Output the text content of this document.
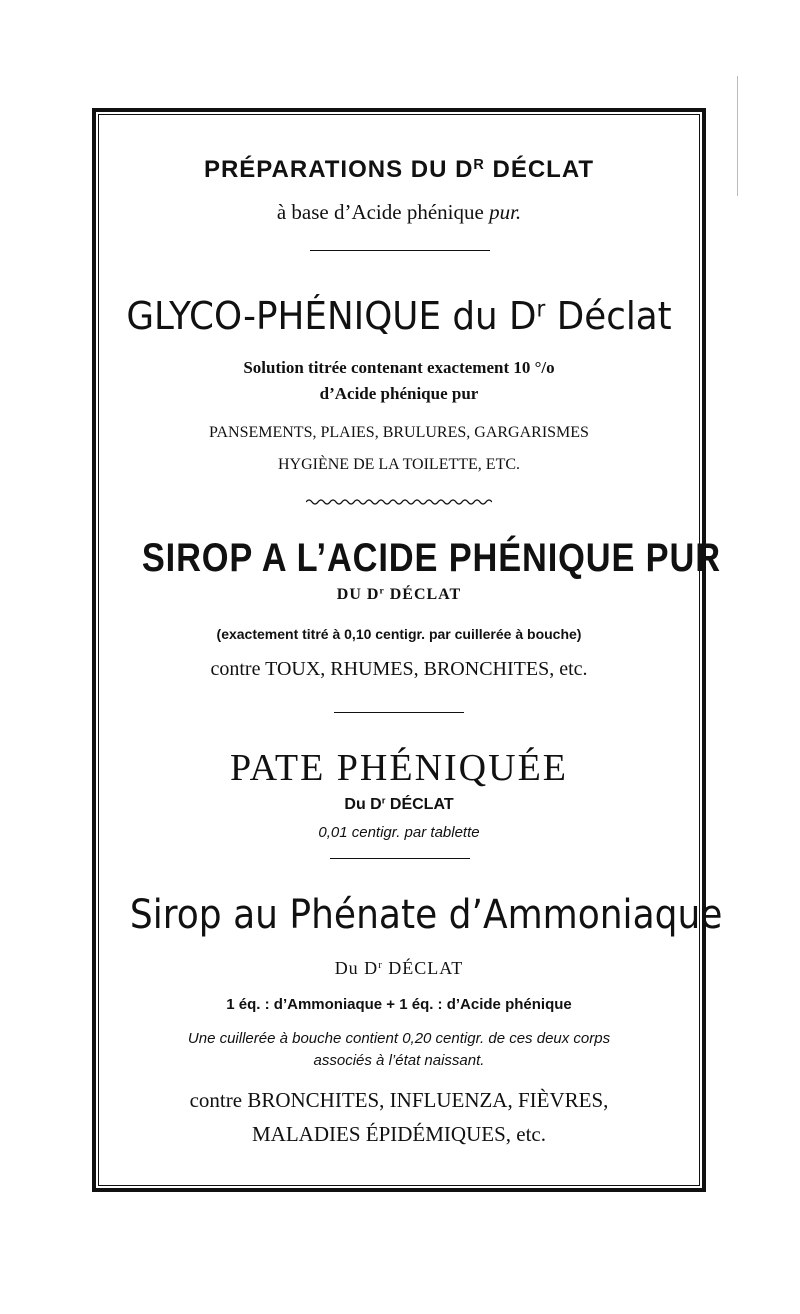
PRÉPARATIONS DU $D^R$ DÉCLAT
à base d’Acide phénique pur.
GLYCO-PHÉNIQUE du $D^r$ Déclat
Solution titrée contenant exactement 10 °/o
d’Acide phénique pur
PANSEMENTS, PLAIES, BRULURES, GARGARISMES
HYGIÈNE DE LA TOILETTE, ETC.
SIROP A L’ACIDE PHÉNIQUE PUR
DU $D^r$ DÉCLAT
(exactement titré à 0,10 centigr. par cuillerée à bouche)
contre TOUX, RHUMES, BRONCHITES, etc.
PATE PHÉNIQUÉE
Du $D^r$ DÉCLAT
0,01 centigr. par tablette
Sirop au Phénate d’Ammoniaque
Du $D^r$ DÉCLAT
1 éq. : d’Ammoniaque + 1 éq. : d’Acide phénique
Une cuillerée à bouche contient 0,20 centigr. de ces deux corps
associés à l’état naissant.
contre BRONCHITES, INFLUENZA, FIÈVRES,
MALADIES ÉPIDÉMIQUES, etc.
